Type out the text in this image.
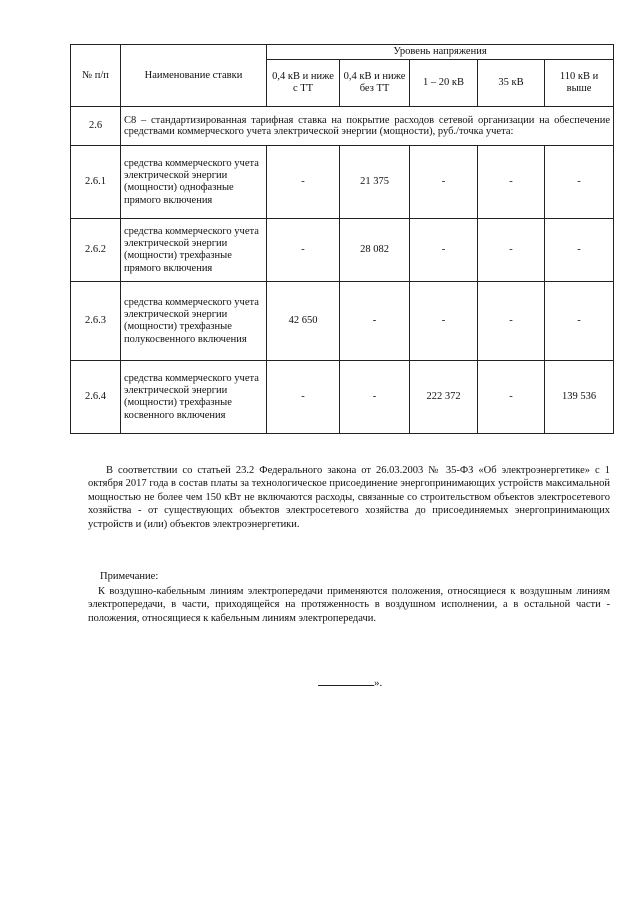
№ п/п	Наименование ставки	Уровень напряжения				
		0,4 кВ и ниже с ТТ	0,4 кВ и ниже без ТТ	1 – 20 кВ	35 кВ	110 кВ и выше
2.6	С8 – стандартизированная тарифная ставка на покрытие расходов сетевой организации на обеспечение средствами коммерческого учета электрической энергии (мощности), руб./точка учета:					
2.6.1	средства коммерческого учета электрической энергии (мощности) однофазные прямого включения	-	21 375	-	-	-
2.6.2	средства коммерческого учета электрической энергии (мощности) трехфазные прямого включения	-	28 082	-	-	-
2.6.3	средства коммерческого учета электрической энергии (мощности) трехфазные полукосвенного включения	42 650	-	-	-	-
2.6.4	средства коммерческого учета электрической энергии (мощности) трехфазные косвенного включения	-	-	222 372	-	139 536

В соответствии со статьей 23.2 Федерального закона от 26.03.2003 № 35-ФЗ «Об электроэнергетике» с 1 октября 2017 года в состав платы за технологическое присоединение энергопринимающих устройств максимальной мощностью не более чем 150 кВт не включаются расходы, связанные со строительством объектов электросетевого хозяйства - от существующих объектов электросетевого хозяйства до присоединяемых энергопринимающих устройств и (или) объектов электроэнергетики.

Примечание:

К воздушно-кабельным линиям электропередачи применяются положения, относящиеся к воздушным линиям электропередачи, в части, приходящейся на протяженность в воздушном исполнении, а в остальной части - положения, относящиеся к кабельным линиям электропередачи.

».
